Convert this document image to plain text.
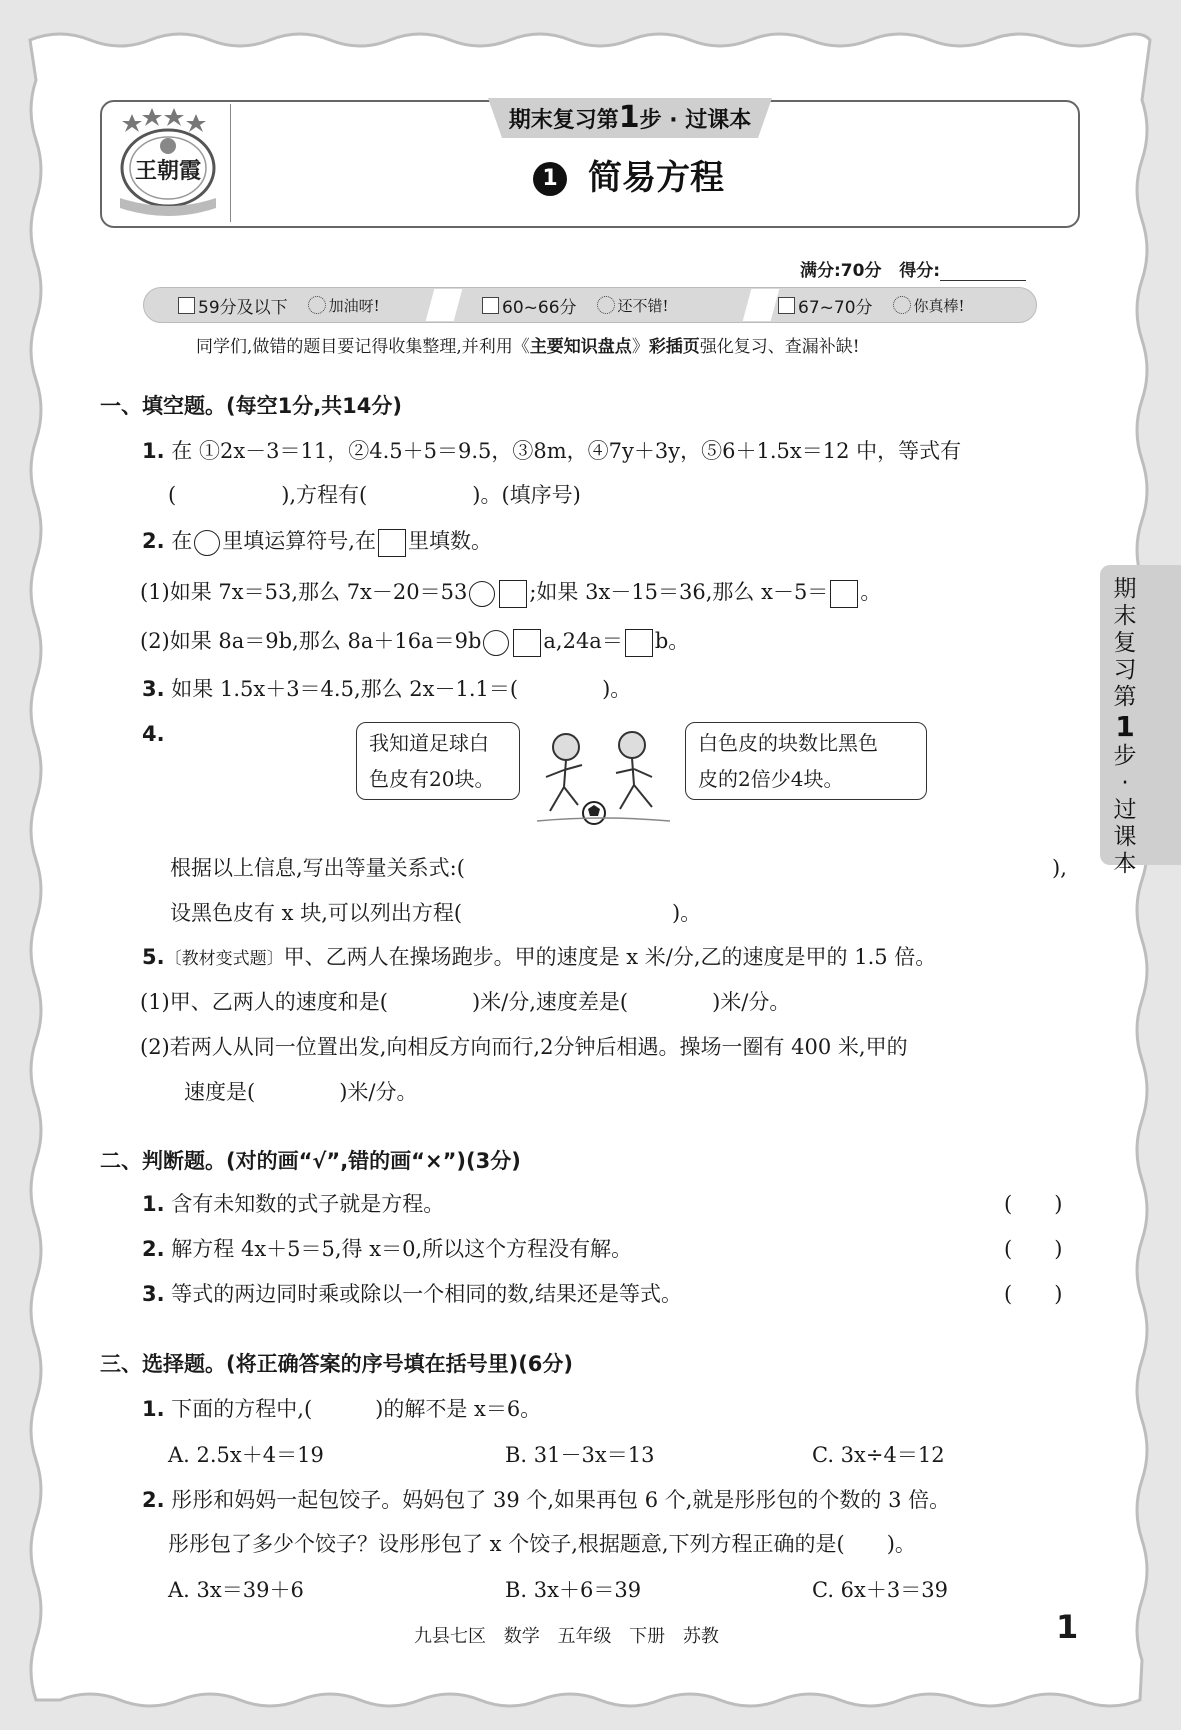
期
末
复
习
第
1
步
·
过
课
本
王朝霞
期末复习第1步 · 过课本
1 简易方程
满分:70分 得分:
59分及以下	加油呀!	60~66分	还不错!	67~70分	你真棒!
同学们,做错的题目要记得收集整理,并利用《主要知识盘点》彩插页强化复习、查漏补缺!
一、填空题。(每空1分,共14分)
1. 在 ①2x－3＝11，②4.5＋5＝9.5，③8m，④7y＋3y，⑤6＋1.5x＝12 中，等式有
(　　　　　),方程有(　　　　　)。(填序号)
2. 在 里填运算符号,在 里填数。
(1)如果 7x＝53,那么 7x－20＝53	;如果 3x－15＝36,那么 x－5＝ 。
(2)如果 8a＝9b,那么 8a＋16a＝9b	a,24a＝ b。
3. 如果 1.5x＋3＝4.5,那么 2x－1.1＝(　　　　)。
4.	我知道足球白
色皮有20块。
白色皮的块数比黑色
皮的2倍少4块。
根据以上信息,写出等量关系式:(	),
设黑色皮有 x 块,可以列出方程(　　　　　　　　　　)。
5.〔教材变式题〕甲、乙两人在操场跑步。甲的速度是 x 米/分,乙的速度是甲的 1.5 倍。
(1)甲、乙两人的速度和是(　　　　)米/分,速度差是(　　　　)米/分。
(2)若两人从同一位置出发,向相反方向而行,2分钟后相遇。操场一圈有 400 米,甲的
速度是(　　　　)米/分。
二、判断题。(对的画“√”,错的画“×”)(3分)
1. 含有未知数的式子就是方程。	(　　)
2. 解方程 4x＋5＝5,得 x＝0,所以这个方程没有解。	(　　)
3. 等式的两边同时乘或除以一个相同的数,结果还是等式。	(　　)
三、选择题。(将正确答案的序号填在括号里)(6分)
1. 下面的方程中,(　　　)的解不是 x＝6。
A. 2.5x＋4＝19	B. 31－3x＝13	C. 3x÷4＝12
2. 彤彤和妈妈一起包饺子。妈妈包了 39 个,如果再包 6 个,就是彤彤包的个数的 3 倍。
彤彤包了多少个饺子？设彤彤包了 x 个饺子,根据题意,下列方程正确的是(　　)。
A. 3x＝39＋6	B. 3x＋6＝39	C. 6x＋3＝39
九县七区 数学 五年级 下册 苏教	1
